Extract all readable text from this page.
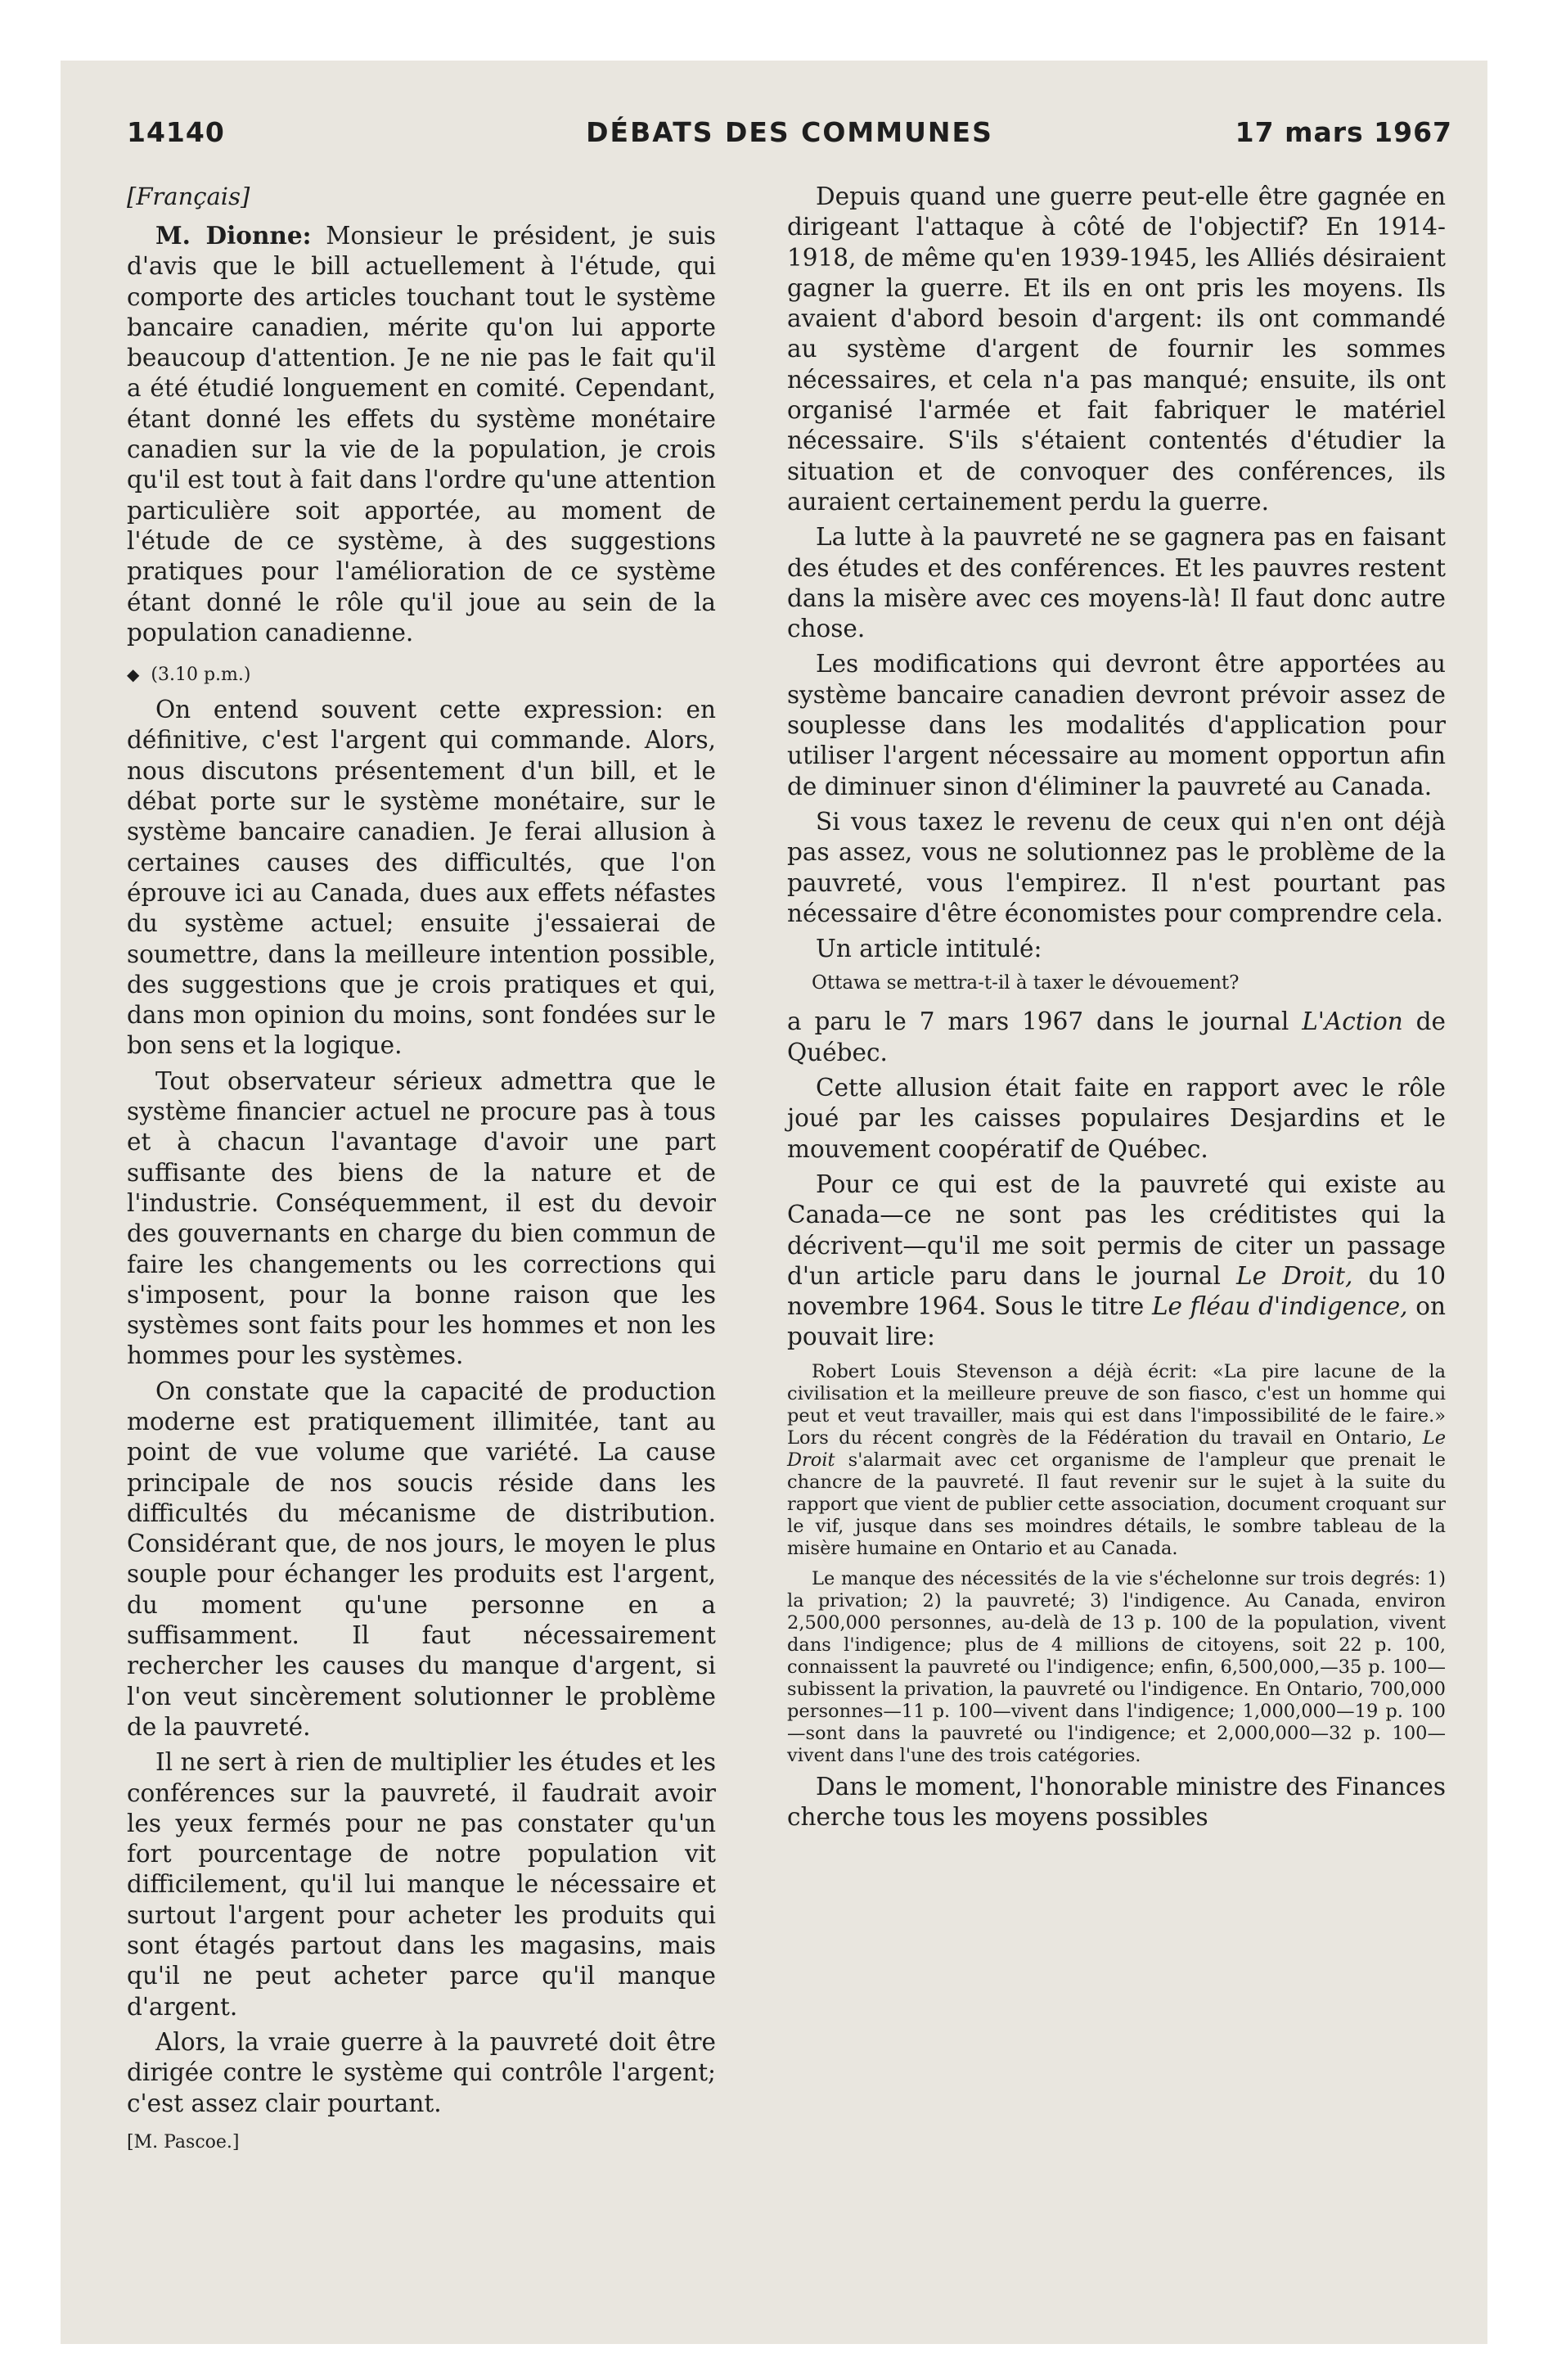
14140	DÉBATS DES COMMUNES	17 mars 1967
[Français]

M. Dionne: Monsieur le président, je suis d'avis que le bill actuellement à l'étude, qui comporte des articles touchant tout le système bancaire canadien, mérite qu'on lui apporte beaucoup d'attention. Je ne nie pas le fait qu'il a été étudié longuement en comité. Cependant, étant donné les effets du système monétaire canadien sur la vie de la population, je crois qu'il est tout à fait dans l'ordre qu'une attention particulière soit apportée, au moment de l'étude de ce système, à des suggestions pratiques pour l'amélioration de ce système étant donné le rôle qu'il joue au sein de la population canadienne.

◆ (3.10 p.m.)

On entend souvent cette expression: en définitive, c'est l'argent qui commande. Alors, nous discutons présentement d'un bill, et le débat porte sur le système monétaire, sur le système bancaire canadien. Je ferai allusion à certaines causes des difficultés, que l'on éprouve ici au Canada, dues aux effets néfastes du système actuel; ensuite j'essaierai de soumettre, dans la meilleure intention possible, des suggestions que je crois pratiques et qui, dans mon opinion du moins, sont fondées sur le bon sens et la logique.

Tout observateur sérieux admettra que le système financier actuel ne procure pas à tous et à chacun l'avantage d'avoir une part suffisante des biens de la nature et de l'industrie. Conséquemment, il est du devoir des gouvernants en charge du bien commun de faire les changements ou les corrections qui s'imposent, pour la bonne raison que les systèmes sont faits pour les hommes et non les hommes pour les systèmes.

On constate que la capacité de production moderne est pratiquement illimitée, tant au point de vue volume que variété. La cause principale de nos soucis réside dans les difficultés du mécanisme de distribution. Considérant que, de nos jours, le moyen le plus souple pour échanger les produits est l'argent, du moment qu'une personne en a suffisamment. Il faut nécessairement rechercher les causes du manque d'argent, si l'on veut sincèrement solutionner le problème de la pauvreté.

Il ne sert à rien de multiplier les études et les conférences sur la pauvreté, il faudrait avoir les yeux fermés pour ne pas constater qu'un fort pourcentage de notre population vit difficilement, qu'il lui manque le nécessaire et surtout l'argent pour acheter les produits qui sont étagés partout dans les magasins, mais qu'il ne peut acheter parce qu'il manque d'argent.

Alors, la vraie guerre à la pauvreté doit être dirigée contre le système qui contrôle l'argent; c'est assez clair pourtant.

[M. Pascoe.]

Depuis quand une guerre peut-elle être gagnée en dirigeant l'attaque à côté de l'objectif? En 1914-1918, de même qu'en 1939-1945, les Alliés désiraient gagner la guerre. Et ils en ont pris les moyens. Ils avaient d'abord besoin d'argent: ils ont commandé au système d'argent de fournir les sommes nécessaires, et cela n'a pas manqué; ensuite, ils ont organisé l'armée et fait fabriquer le matériel nécessaire. S'ils s'étaient contentés d'étudier la situation et de convoquer des conférences, ils auraient certainement perdu la guerre.

La lutte à la pauvreté ne se gagnera pas en faisant des études et des conférences. Et les pauvres restent dans la misère avec ces moyens-là! Il faut donc autre chose.

Les modifications qui devront être apportées au système bancaire canadien devront prévoir assez de souplesse dans les modalités d'application pour utiliser l'argent nécessaire au moment opportun afin de diminuer sinon d'éliminer la pauvreté au Canada.

Si vous taxez le revenu de ceux qui n'en ont déjà pas assez, vous ne solutionnez pas le problème de la pauvreté, vous l'empirez. Il n'est pourtant pas nécessaire d'être économistes pour comprendre cela.

Un article intitulé:

Ottawa se mettra-t-il à taxer le dévouement?

a paru le 7 mars 1967 dans le journal L'Action de Québec.

Cette allusion était faite en rapport avec le rôle joué par les caisses populaires Desjardins et le mouvement coopératif de Québec.

Pour ce qui est de la pauvreté qui existe au Canada—ce ne sont pas les créditistes qui la décrivent—qu'il me soit permis de citer un passage d'un article paru dans le journal Le Droit, du 10 novembre 1964. Sous le titre Le fléau d'indigence, on pouvait lire:

Robert Louis Stevenson a déjà écrit: «La pire lacune de la civilisation et la meilleure preuve de son fiasco, c'est un homme qui peut et veut travailler, mais qui est dans l'impossibilité de le faire.» Lors du récent congrès de la Fédération du travail en Ontario, Le Droit s'alarmait avec cet organisme de l'ampleur que prenait le chancre de la pauvreté. Il faut revenir sur le sujet à la suite du rapport que vient de publier cette association, document croquant sur le vif, jusque dans ses moindres détails, le sombre tableau de la misère humaine en Ontario et au Canada.

Le manque des nécessités de la vie s'échelonne sur trois degrés: 1) la privation; 2) la pauvreté; 3) l'indigence. Au Canada, environ 2,500,000 personnes, au-delà de 13 p. 100 de la population, vivent dans l'indigence; plus de 4 millions de citoyens, soit 22 p. 100, connaissent la pauvreté ou l'indigence; enfin, 6,500,000,—35 p. 100—subissent la privation, la pauvreté ou l'indigence. En Ontario, 700,000 personnes—11 p. 100—vivent dans l'indigence; 1,000,000—19 p. 100—sont dans la pauvreté ou l'indigence; et 2,000,000—32 p. 100—vivent dans l'une des trois catégories.

Dans le moment, l'honorable ministre des Finances cherche tous les moyens possibles
